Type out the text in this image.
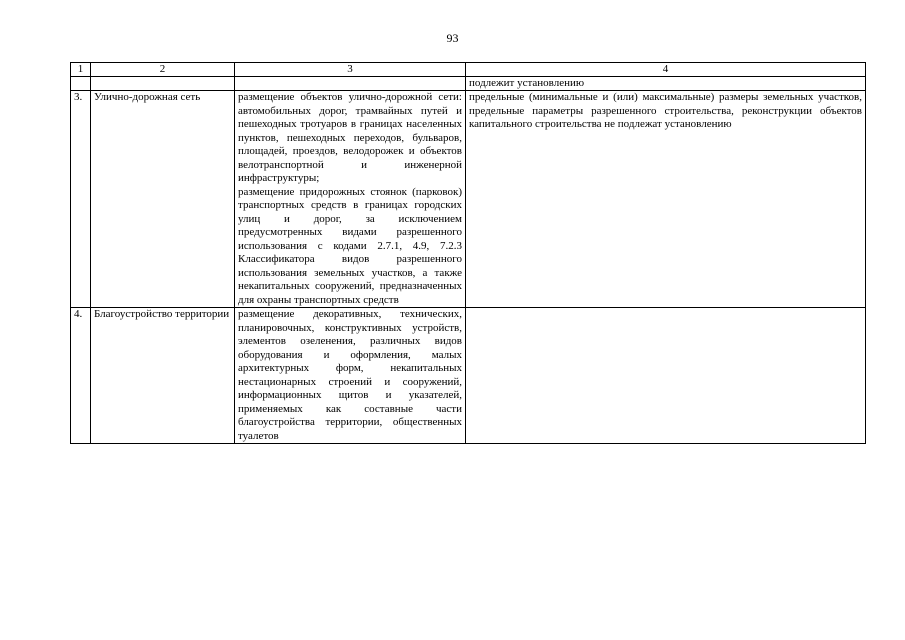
93
1	2	3	4
			подлежит установлению
3.	Улично-дорожная сеть	размещение объектов улично-дорожной сети: автомобильных дорог, трамвайных путей и пешеходных тротуаров в границах населенных пунктов, пешеходных переходов, бульваров, площадей, проездов, велодорожек и объектов велотранспортной и инженерной инфраструктуры;
размещение придорожных стоянок (парковок) транспортных средств в границах городских улиц и дорог, за исключением предусмотренных видами разрешенного использования с кодами 2.7.1, 4.9, 7.2.3 Классификатора видов разрешенного использования земельных участков, а также некапитальных сооружений, предназначенных для охраны транспортных средств	предельные (минимальные и (или) максимальные) размеры земельных участков, предельные параметры разрешенного строительства, реконструкции объектов капитального строительства не подлежат установлению
4.	Благоустройство территории	размещение декоративных, технических, планировочных, конструктивных устройств, элементов озеленения, различных видов оборудования и оформления, малых архитектурных форм, некапитальных нестационарных строений и сооружений, информационных щитов и указателей, применяемых как составные части благоустройства территории, общественных туалетов	
